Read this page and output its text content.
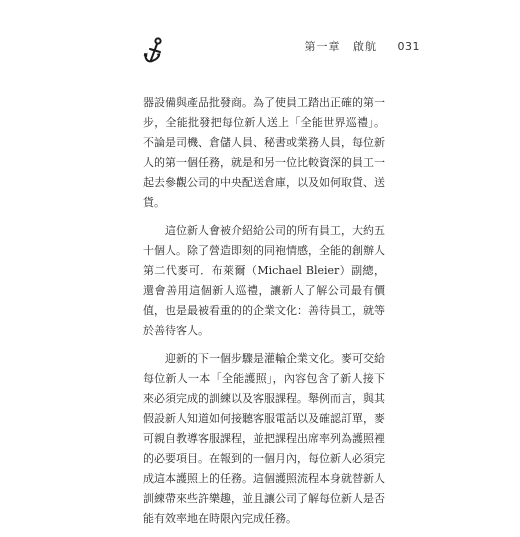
第一章 啟航 031

器設備與產品批發商。為了使員工踏出正確的第一步，全能批發把每位新人送上「全能世界巡禮」。不論是司機、倉儲人員、秘書或業務人員，每位新人的第一個任務，就是和另一位比較資深的員工一起去參觀公司的中央配送倉庫，以及如何取貨、送貨。

這位新人會被介紹給公司的所有員工，大約五十個人。除了營造即刻的同袍情感，全能的創辦人第二代麥可．布萊爾（Michael Bleier）副總，還會善用這個新人巡禮，讓新人了解公司最有價值，也是最被看重的的企業文化：善待員工，就等於善待客人。

迎新的下一個步驟是灌輸企業文化。麥可交給每位新人一本「全能護照」，內容包含了新人接下來必須完成的訓練以及客服課程。舉例而言，與其假設新人知道如何接聽客服電話以及確認訂單，麥可親自教導客服課程，並把課程出席率列為護照裡的必要項目。在報到的一個月內，每位新人必須完成這本護照上的任務。這個護照流程本身就替新人訓練帶來些許樂趣，並且讓公司了解每位新人是否能有效率地在時限內完成任務。
